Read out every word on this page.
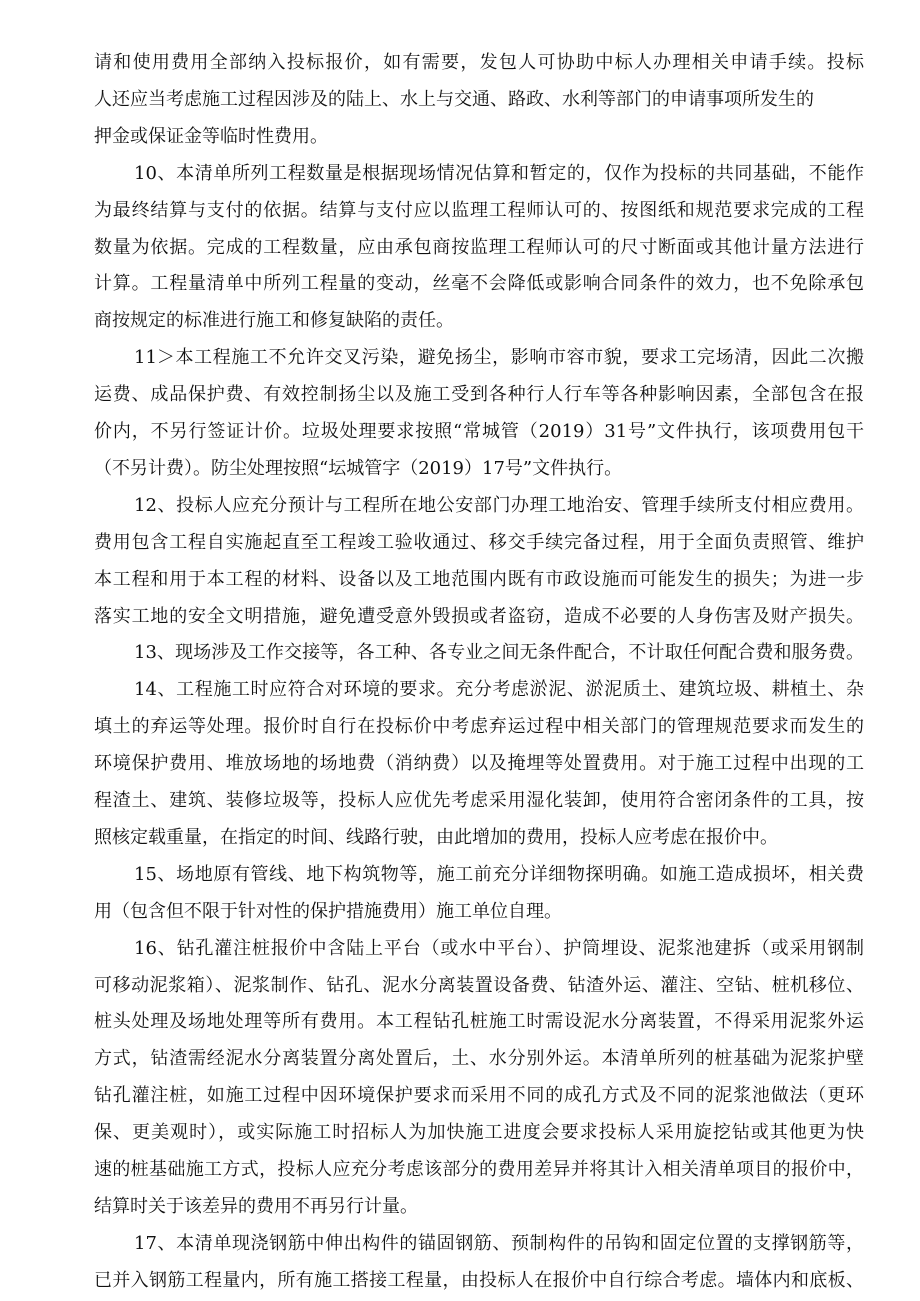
请和使用费用全部纳入投标报价，如有需要，发包人可协助中标人办理相关申请手续。投标
人还应当考虑施工过程因涉及的陆上、水上与交通、路政、水利等部门的申请事项所发生的
押金或保证金等临时性费用。
10、本清单所列工程数量是根据现场情况估算和暂定的，仅作为投标的共同基础，不能作
为最终结算与支付的依据。结算与支付应以监理工程师认可的、按图纸和规范要求完成的工程
数量为依据。完成的工程数量，应由承包商按监理工程师认可的尺寸断面或其他计量方法进行
计算。工程量清单中所列工程量的变动，丝毫不会降低或影响合同条件的效力，也不免除承包
商按规定的标准进行施工和修复缺陷的责任。
11＞本工程施工不允许交叉污染，避免扬尘，影响市容市貌，要求工完场清，因此二次搬
运费、成品保护费、有效控制扬尘以及施工受到各种行人行车等各种影响因素，全部包含在报
价内，不另行签证计价。垃圾处理要求按照“常城管（2019）31号”文件执行，该项费用包干
（不另计费）。防尘处理按照“坛城管字（2019）17号”文件执行。
12、投标人应充分预计与工程所在地公安部门办理工地治安、管理手续所支付相应费用。
费用包含工程自实施起直至工程竣工验收通过、移交手续完备过程，用于全面负责照管、维护
本工程和用于本工程的材料、设备以及工地范围内既有市政设施而可能发生的损失；为进一步
落实工地的安全文明措施，避免遭受意外毁损或者盗窃，造成不必要的人身伤害及财产损失。
13、现场涉及工作交接等，各工种、各专业之间无条件配合，不计取任何配合费和服务费。
14、工程施工时应符合对环境的要求。充分考虑淤泥、淤泥质土、建筑垃圾、耕植土、杂
填土的弃运等处理。报价时自行在投标价中考虑弃运过程中相关部门的管理规范要求而发生的
环境保护费用、堆放场地的场地费（消纳费）以及掩埋等处置费用。对于施工过程中出现的工
程渣土、建筑、装修垃圾等，投标人应优先考虑采用湿化装卸，使用符合密闭条件的工具，按
照核定载重量，在指定的时间、线路行驶，由此增加的费用，投标人应考虑在报价中。
15、场地原有管线、地下构筑物等，施工前充分详细物探明确。如施工造成损坏，相关费
用（包含但不限于针对性的保护措施费用）施工单位自理。
16、钻孔灌注桩报价中含陆上平台（或水中平台）、护筒埋设、泥浆池建拆（或采用钢制
可移动泥浆箱）、泥浆制作、钻孔、泥水分离装置设备费、钻渣外运、灌注、空钻、桩机移位、
桩头处理及场地处理等所有费用。本工程钻孔桩施工时需设泥水分离装置，不得采用泥浆外运
方式，钻渣需经泥水分离装置分离处置后，土、水分别外运。本清单所列的桩基础为泥浆护壁
钻孔灌注桩，如施工过程中因环境保护要求而采用不同的成孔方式及不同的泥浆池做法（更环
保、更美观时），或实际施工时招标人为加快施工进度会要求投标人采用旋挖钻或其他更为快
速的桩基础施工方式，投标人应充分考虑该部分的费用差异并将其计入相关清单项目的报价中，
结算时关于该差异的费用不再另行计量。
17、本清单现浇钢筋中伸出构件的锚固钢筋、预制构件的吊钩和固定位置的支撑钢筋等，
已并入钢筋工程量内，所有施工搭接工程量，由投标人在报价中自行综合考虑。墙体内和底板、
